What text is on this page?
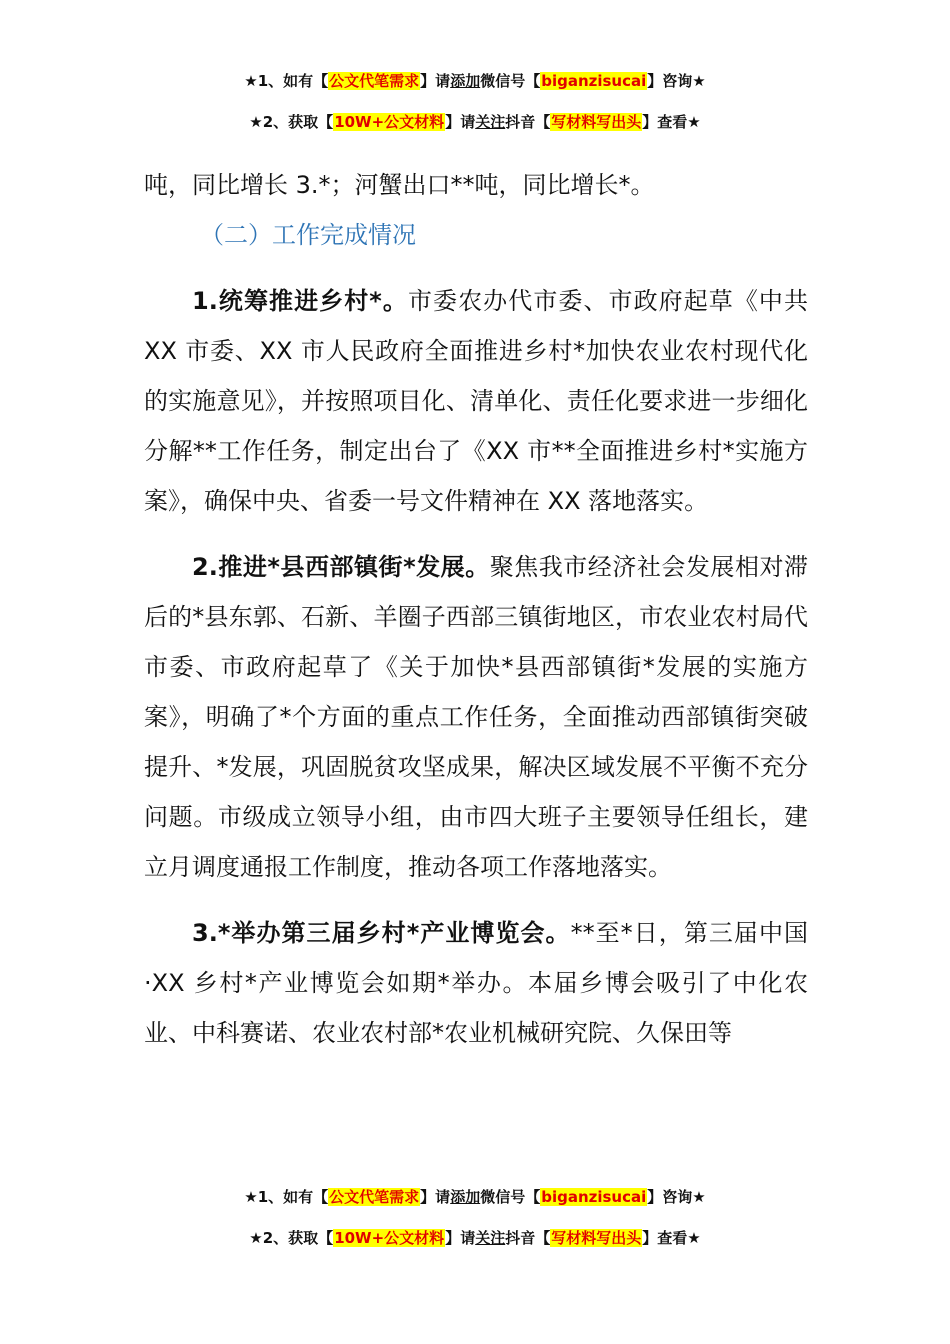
★1、如有【公文代笔需求】请添加微信号【biganzisucai】咨询★
★2、获取【10W+公文材料】请关注抖音【写材料写出头】查看★

吨，同比增长 3.*；河蟹出口**吨，同比增长*。

（二）工作完成情况

1.统筹推进乡村*。市委农办代市委、市政府起草《中共 XX 市委、XX 市人民政府全面推进乡村*加快农业农村现代化的实施意见》，并按照项目化、清单化、责任化要求进一步细化分解**工作任务，制定出台了《XX 市**全面推进乡村*实施方案》，确保中央、省委一号文件精神在 XX 落地落实。

2.推进*县西部镇街*发展。聚焦我市经济社会发展相对滞后的*县东郭、石新、羊圈子西部三镇街地区，市农业农村局代市委、市政府起草了《关于加快*县西部镇街*发展的实施方案》，明确了*个方面的重点工作任务，全面推动西部镇街突破提升、*发展，巩固脱贫攻坚成果，解决区域发展不平衡不充分问题。市级成立领导小组，由市四大班子主要领导任组长，建立月调度通报工作制度，推动各项工作落地落实。

3.*举办第三届乡村*产业博览会。**至*日，第三届中国·XX 乡村*产业博览会如期*举办。本届乡博会吸引了中化农业、中科赛诺、农业农村部*农业机械研究院、久保田等

★1、如有【公文代笔需求】请添加微信号【biganzisucai】咨询★
★2、获取【10W+公文材料】请关注抖音【写材料写出头】查看★
